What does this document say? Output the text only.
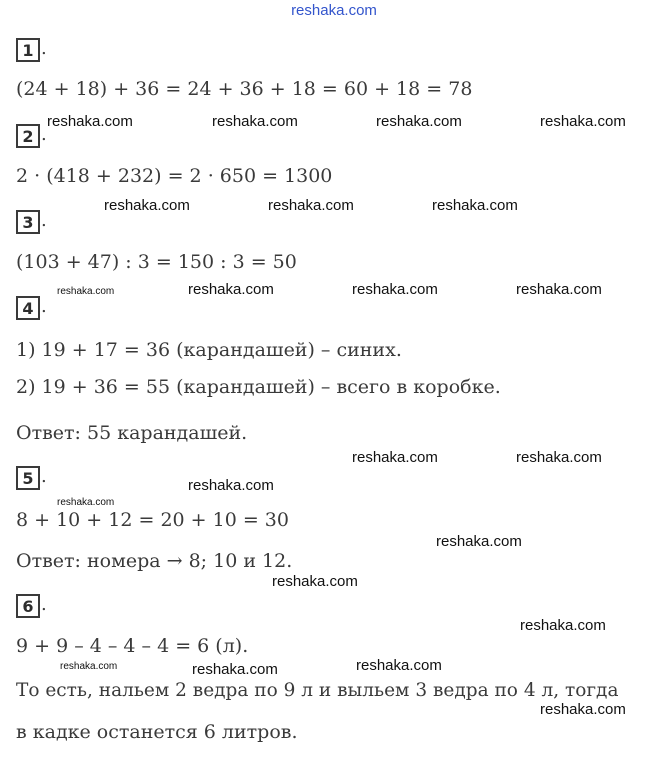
reshaka.com
1 .
(24 + 18) + 36 = 24 + 36 + 18 = 60 + 18 = 78
2 .
2 · (418 + 232) = 2 · 650 = 1300
3 .
(103 + 47) : 3 = 150 : 3 = 50
4 .
1) 19 + 17 = 36 (карандашей) – синих.
2) 19 + 36 = 55 (карандашей) – всего в коробке.
Ответ: 55 карандашей.
5 .
8 + 10 + 12 = 20 + 10 = 30
Ответ: номера → 8; 10 и 12.
6 .
9 + 9 – 4 – 4 – 4 = 6 (л).
То есть, нальем 2 ведра по 9 л и выльем 3 ведра по 4 л, тогда
в кадке останется 6 литров.
reshaka.com	reshaka.com	reshaka.com	reshaka.com
reshaka.com	reshaka.com	reshaka.com
reshaka.com	reshaka.com	reshaka.com	reshaka.com
reshaka.com	reshaka.com
reshaka.com
reshaka.com
reshaka.com
reshaka.com
reshaka.com
reshaka.com	reshaka.com	reshaka.com
reshaka.com
